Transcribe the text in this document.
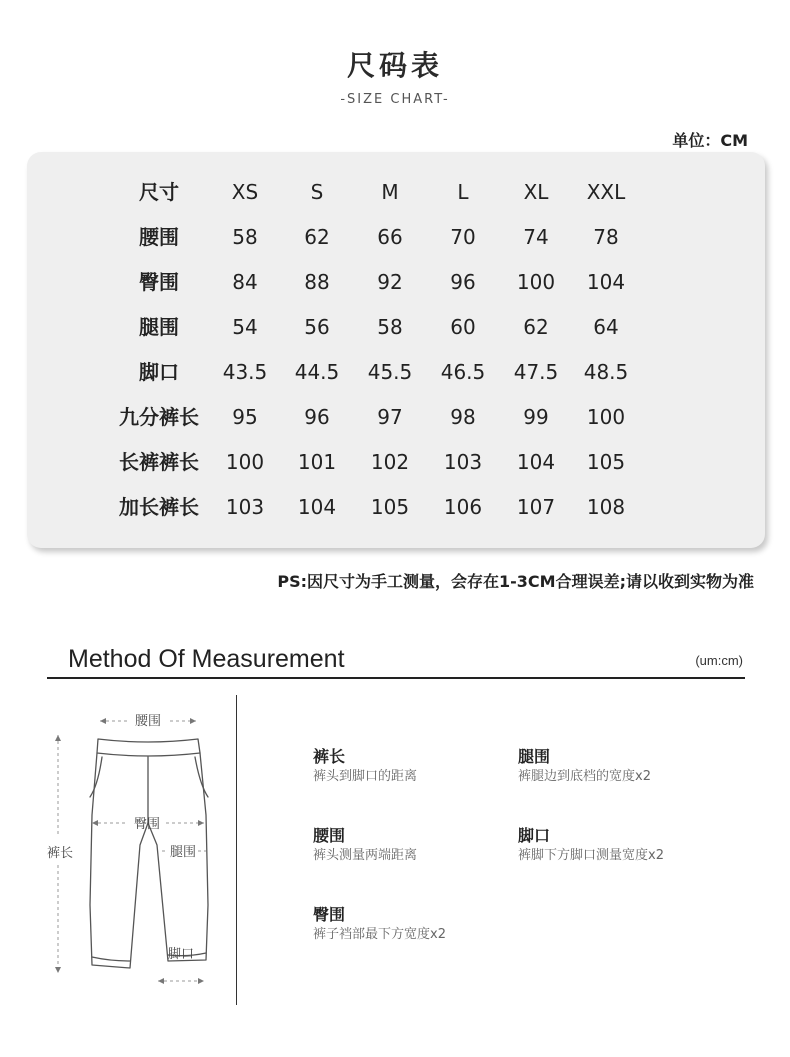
尺码表
-SIZE CHART-
单位：CM
尺寸	XS	S	M	L	XL	XXL
腰围	58	62	66	70	74	78
臀围	84	88	92	96	100	104
腿围	54	56	58	60	62	64
脚口	43.5	44.5	45.5	46.5	47.5	48.5
九分裤长	95	96	97	98	99	100
长裤裤长	100	101	102	103	104	105
加长裤长	103	104	105	106	107	108
PS:因尺寸为手工测量，会存在1-3CM合理误差;请以收到实物为准
Method Of Measurement	(um:cm)
腰围
臀围
裤长	腿围
脚口
裤长
裤头到脚口的距离
腿围
裤腿边到底档的宽度x2
腰围
裤头测量两端距离
脚口
裤脚下方脚口测量宽度x2
臀围
裤子裆部最下方宽度x2
